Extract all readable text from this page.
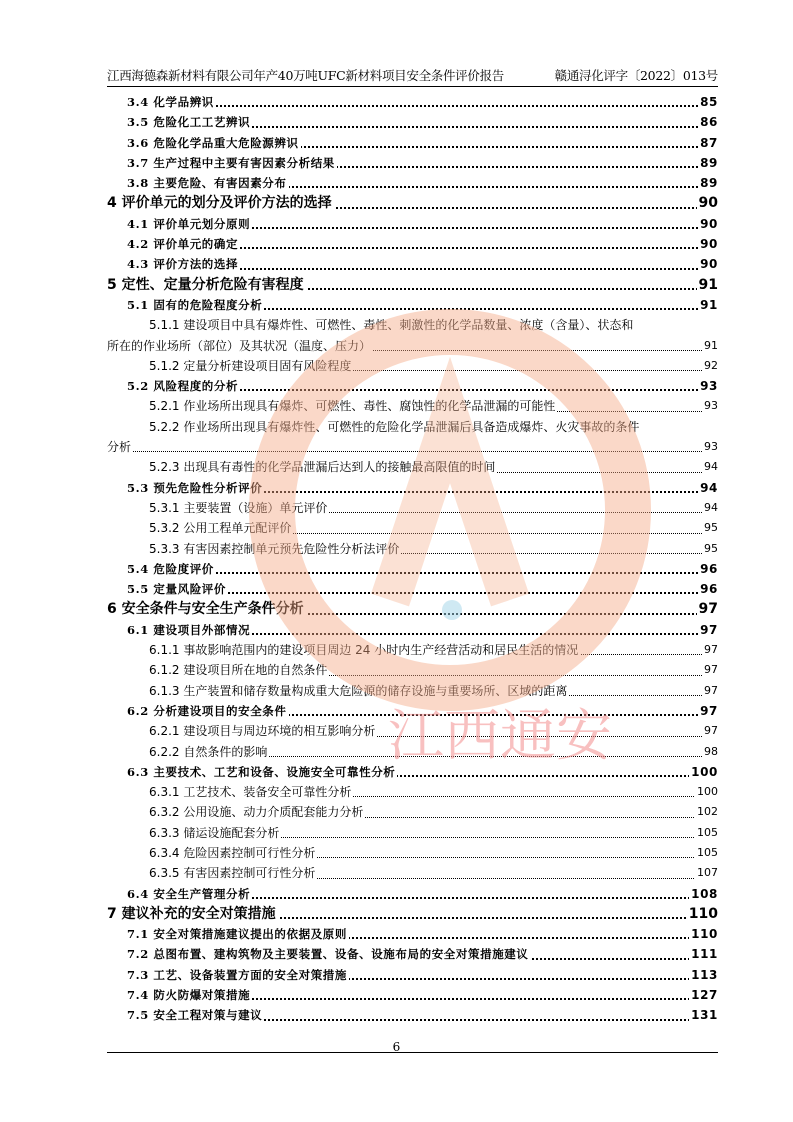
江西海德森新材料有限公司年产40万吨UFC新材料项目安全条件评价报告	赣通浔化评字〔2022〕013号
3.4 化学品辨识	85
3.5 危险化工工艺辨识	86
3.6 危险化学品重大危险源辨识	87
3.7 生产过程中主要有害因素分析结果	89
3.8 主要危险、有害因素分布	89
4 评价单元的划分及评价方法的选择	90
4.1 评价单元划分原则	90
4.2 评价单元的确定	90
4.3 评价方法的选择	90
5 定性、定量分析危险有害程度	91
5.1 固有的危险程度分析	91
5.1.1 建设项目中具有爆炸性、可燃性、毒性、刺激性的化学品数量、浓度（含量）、状态和
所在的作业场所（部位）及其状况（温度、压力）	91
5.1.2 定量分析建设项目固有风险程度	92
5.2 风险程度的分析	93
5.2.1 作业场所出现具有爆炸、可燃性、毒性、腐蚀性的化学品泄漏的可能性	93
5.2.2 作业场所出现具有爆炸性、可燃性的危险化学品泄漏后具备造成爆炸、火灾事故的条件
分析	93
5.2.3 出现具有毒性的化学品泄漏后达到人的接触最高限值的时间	94
5.3 预先危险性分析评价	94
5.3.1 主要装置（设施）单元评价	94
5.3.2 公用工程单元配评价	95
5.3.3 有害因素控制单元预先危险性分析法评价	95
5.4 危险度评价	96
5.5 定量风险评价	96
6 安全条件与安全生产条件分析	97
6.1 建设项目外部情况	97
6.1.1 事故影响范围内的建设项目周边 24 小时内生产经营活动和居民生活的情况	97
6.1.2 建设项目所在地的自然条件	97
6.1.3 生产装置和储存数量构成重大危险源的储存设施与重要场所、区域的距离	97
6.2 分析建设项目的安全条件	97
6.2.1 建设项目与周边环境的相互影响分析	97
6.2.2 自然条件的影响	98
6.3 主要技术、工艺和设备、设施安全可靠性分析	100
6.3.1 工艺技术、装备安全可靠性分析	100
6.3.2 公用设施、动力介质配套能力分析	102
6.3.3 储运设施配套分析	105
6.3.4 危险因素控制可行性分析	105
6.3.5 有害因素控制可行性分析	107
6.4 安全生产管理分析	108
7 建议补充的安全对策措施	110
7.1 安全对策措施建议提出的依据及原则	110
7.2 总图布置、建构筑物及主要装置、设备、设施布局的安全对策措施建议	111
7.3 工艺、设备装置方面的安全对策措施	113
7.4 防火防爆对策措施	127
7.5 安全工程对策与建议	131
6
江西通安
